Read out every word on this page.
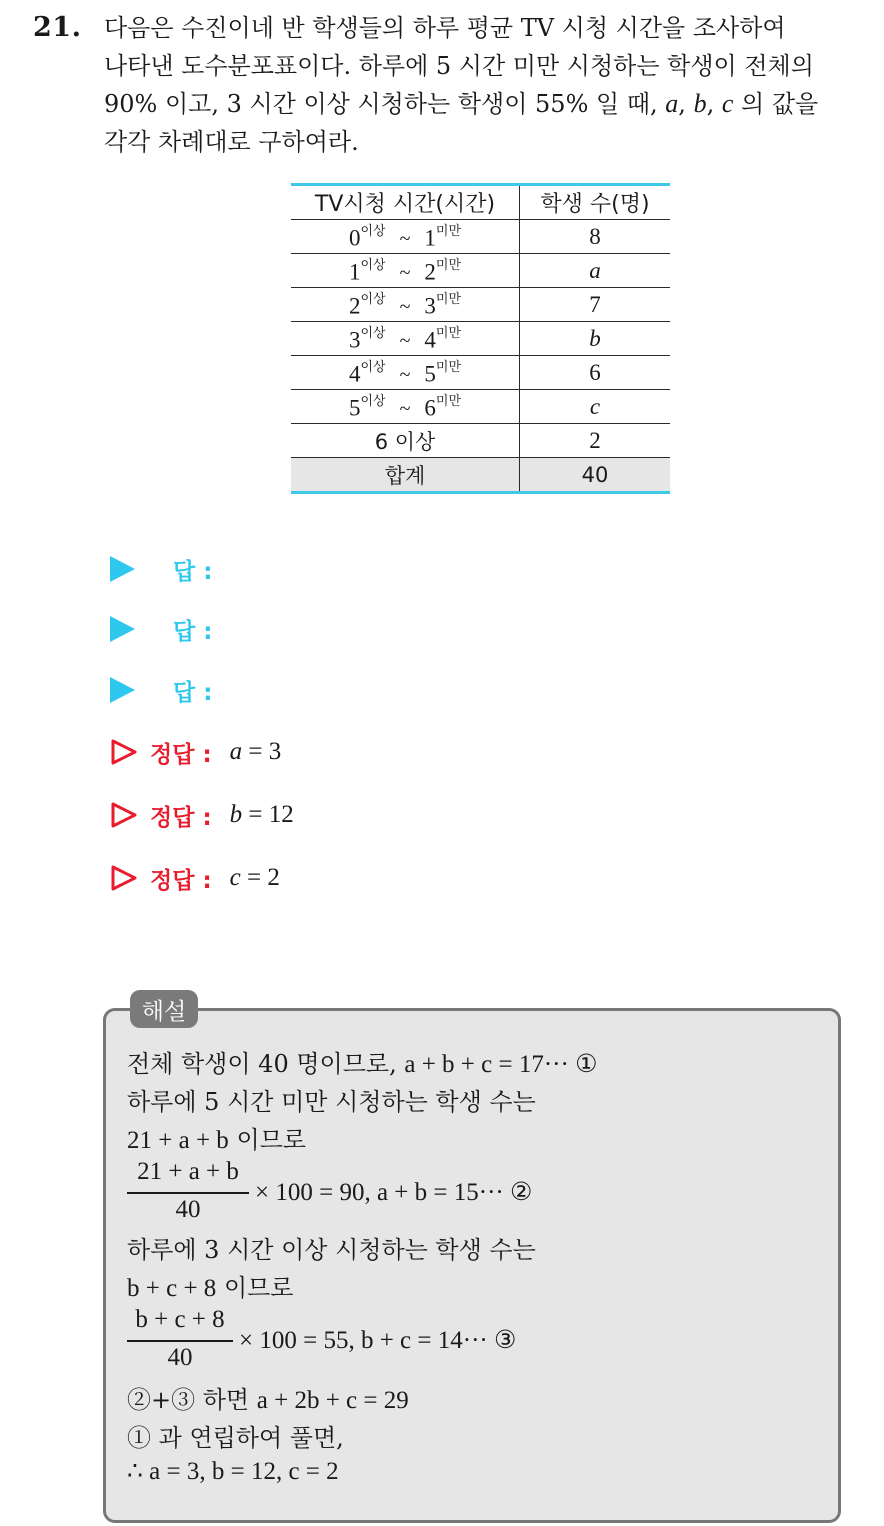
21. 다음은 수진이네 반 학생들의 하루 평균 TV 시청 시간을 조사하여
나타낸 도수분포표이다. 하루에 5 시간 미만 시청하는 학생이 전체의
90% 이고, 3 시간 이상 시청하는 학생이 55% 일 때, a, b, c 의 값을
각각 차례대로 구하여라.
TV시청 시간(시간)	학생 수(명)
$0^{이상}$ ~ $1^{미만}$	8
$1^{이상}$ ~ $2^{미만}$	a
$2^{이상}$ ~ $3^{미만}$	7
$3^{이상}$ ~ $4^{미만}$	b
$4^{이상}$ ~ $5^{미만}$	6
$5^{이상}$ ~ $6^{미만}$	c
6 이상	2
합계	40
답 :
답 :
답 :
정답 : a = 3
정답 : b = 12
정답 : c = 2
해설
전체 학생이 40 명이므로, a + b + c = 17··· ①
하루에 5 시간 미만 시청하는 학생 수는
21 + a + b 이므로
21 + a + b
40
× 100 = 90, a + b = 15··· ②
하루에 3 시간 이상 시청하는 학생 수는
b + c + 8 이므로
b + c + 8
40
× 100 = 55, b + c = 14··· ③
②+③ 하면 a + 2b + c = 29
① 과 연립하여 풀면,
∴ a = 3, b = 12, c = 2
